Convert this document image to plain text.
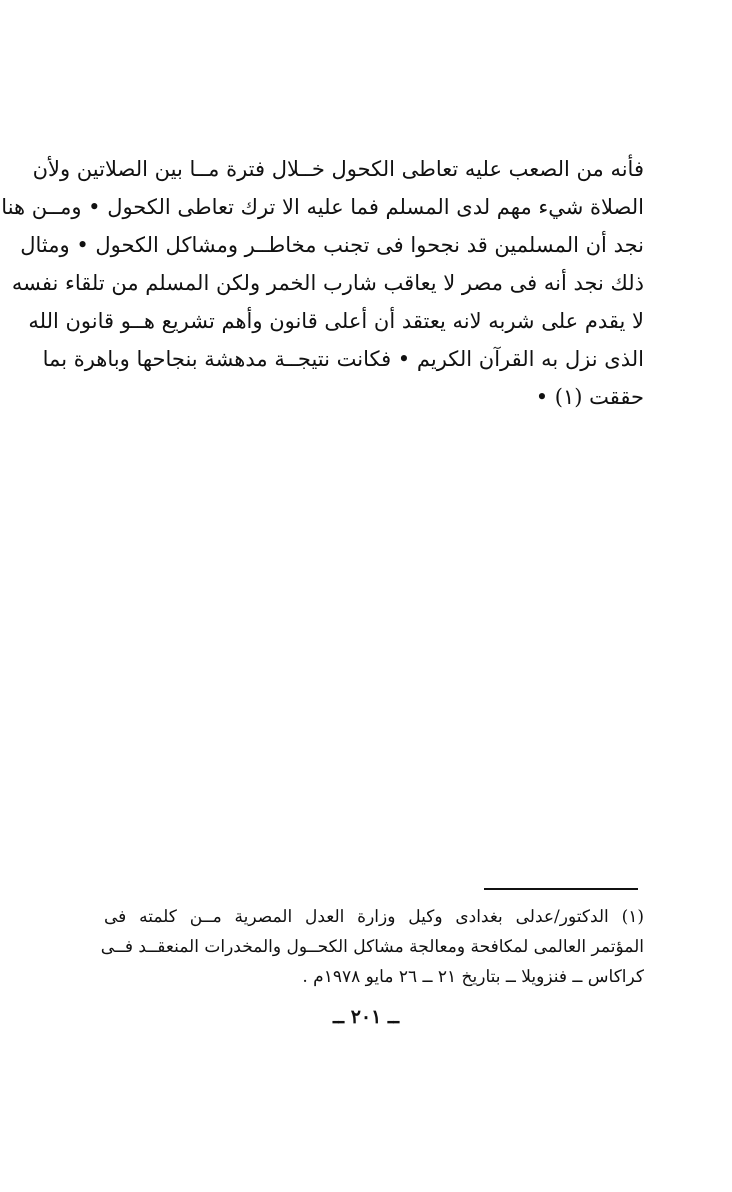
فأنه من الصعب عليه تعاطى الكحول خــلال فترة مــا بين الصلاتين ولأن
الصلاة شيء مهم لدى المسلم فما عليه الا ترك تعاطى الكحول • ومــن هنا
نجد أن المسلمين قد نجحوا فى تجنب مخاطــر ومشاكل الكحول • ومثال
ذلك نجد أنه فى مصر لا يعاقب شارب الخمر ولكن المسلم من تلقاء نفسه
لا يقدم على شربه لانه يعتقد أن أعلى قانون وأهم تشريع هــو قانون الله
الذى نزل به القرآن الكريم • فكانت نتيجــة مدهشة بنجاحها وباهرة بما
حققت (١) •
(١) الدكتور/عدلى بغدادى وكيل وزارة العدل المصرية مــن كلمته فى
المؤتمر العالمى لمكافحة ومعالجة مشاكل الكحــول والمخدرات المنعقــد فــى
كراكاس ــ فنزويلا ــ بتاريخ ٢١ ــ ٢٦ مايو ١٩٧٨م .
ــ ٢٠١ ــ
